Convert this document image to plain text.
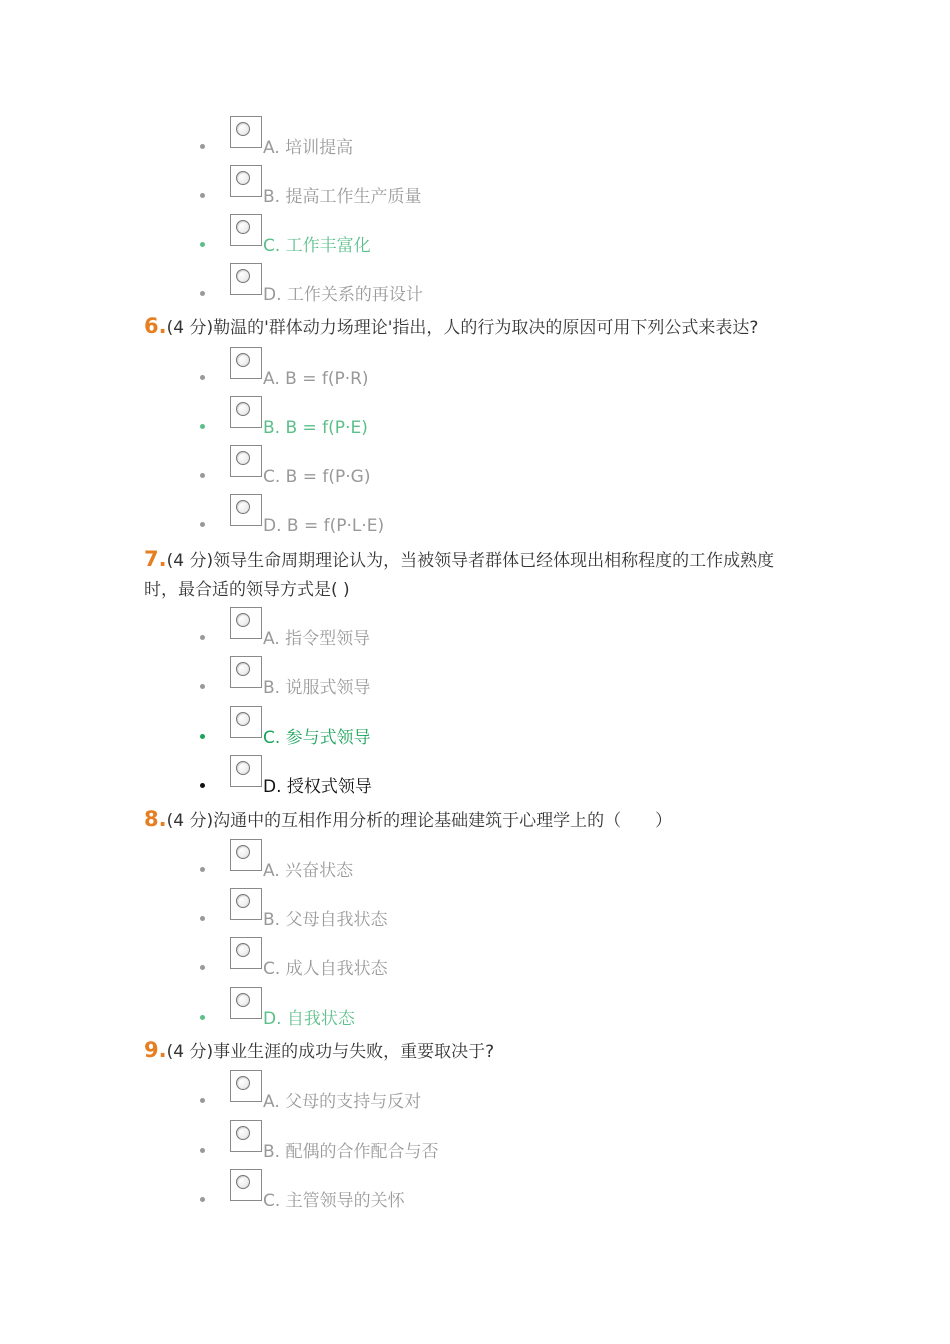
A. 培训提高
B. 提高工作生产质量
C. 工作丰富化
D. 工作关系的再设计
6.(4 分)勒温的'群体动力场理论'指出，人的行为取决的原因可用下列公式来表达?
A. B = f(P·R)
B. B = f(P·E)
C. B = f(P·G)
D. B = f(P·L·E)
7.(4 分)领导生命周期理论认为，当被领导者群体已经体现出相称程度的工作成熟度时，最合适的领导方式是( )
A. 指令型领导
B. 说服式领导
C. 参与式领导
D. 授权式领导
8.(4 分)沟通中的互相作用分析的理论基础建筑于心理学上的（　　）
A. 兴奋状态
B. 父母自我状态
C. 成人自我状态
D. 自我状态
9.(4 分)事业生涯的成功与失败，重要取决于?
A. 父母的支持与反对
B. 配偶的合作配合与否
C. 主管领导的关怀
